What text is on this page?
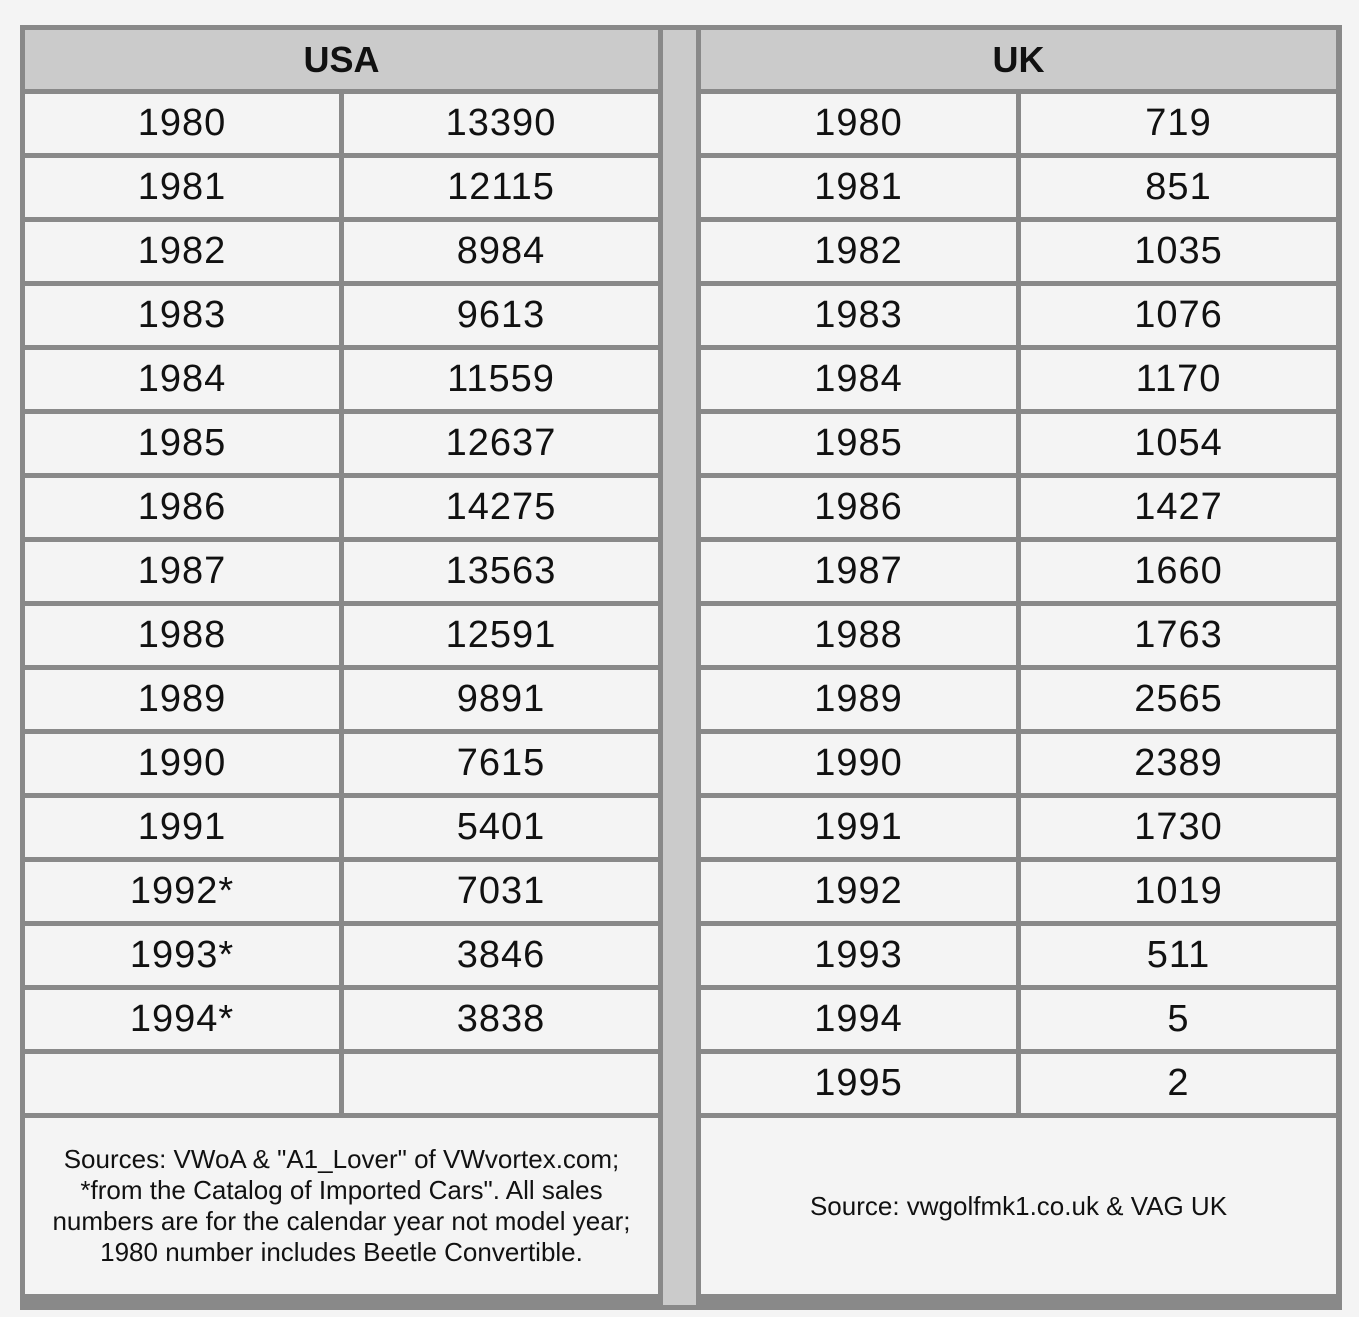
USA
1980	13390
1981	12115
1982	8984
1983	9613
1984	11559
1985	12637
1986	14275
1987	13563
1988	12591
1989	9891
1990	7615
1991	5401
1992*	7031
1993*	3846
1994*	3838
Sources: VWoA & "A1_Lover" of VWvortex.com; *from the Catalog of Imported Cars". All sales numbers are for the calendar year not model year; 1980 number includes Beetle Convertible.
UK
1980	719
1981	851
1982	1035
1983	1076
1984	1170
1985	1054
1986	1427
1987	1660
1988	1763
1989	2565
1990	2389
1991	1730
1992	1019
1993	511
1994	5
1995	2
Source: vwgolfmk1.co.uk & VAG UK
